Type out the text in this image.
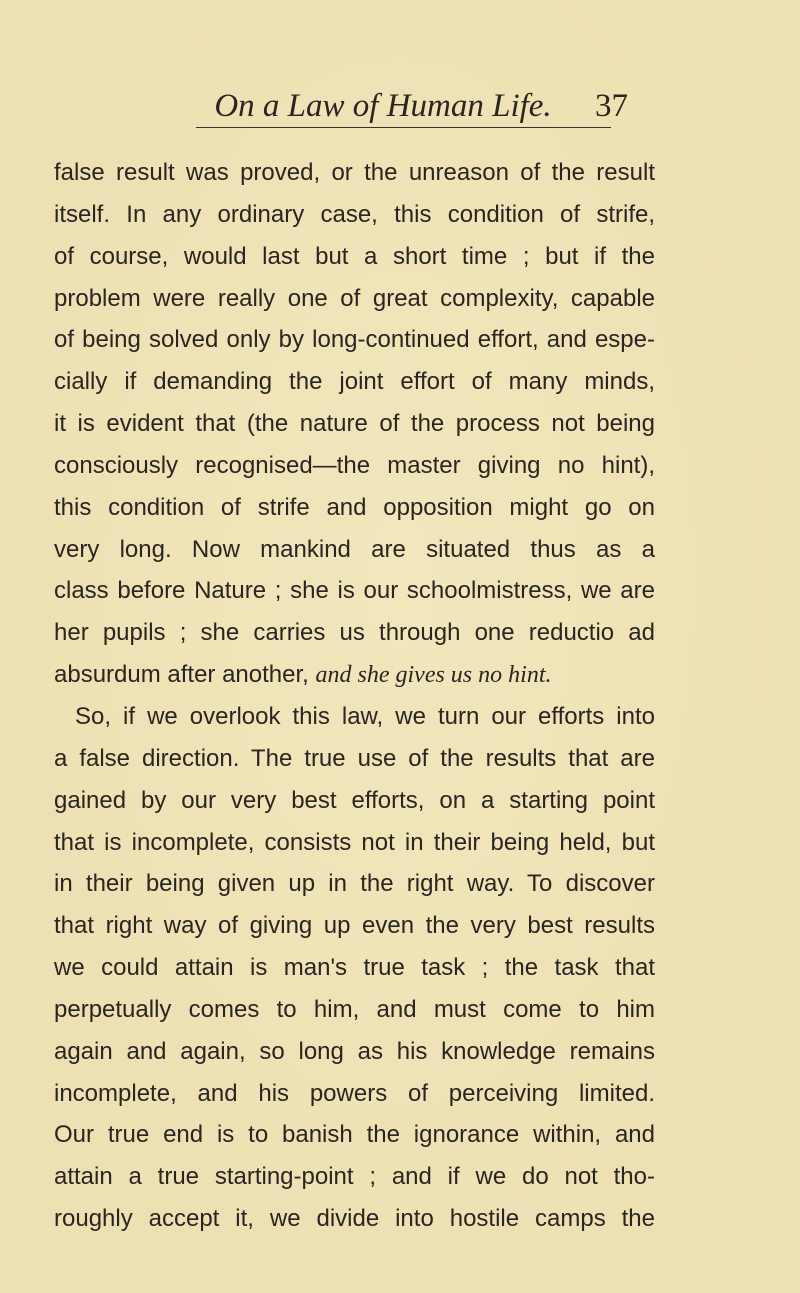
On a Law of Human Life.	37
false result was proved, or the unreason of the result
itself. In any ordinary case, this condition of strife,
of course, would last but a short time ; but if the
problem were really one of great complexity, capable
of being solved only by long-continued effort, and espe-
cially if demanding the joint effort of many minds,
it is evident that (the nature of the process not being
consciously recognised—the master giving no hint),
this condition of strife and opposition might go on
very long. Now mankind are situated thus as a
class before Nature ; she is our schoolmistress, we are
her pupils ; she carries us through one reductio ad
absurdum after another, and she gives us no hint.
So, if we overlook this law, we turn our efforts into
a false direction. The true use of the results that are
gained by our very best efforts, on a starting point
that is incomplete, consists not in their being held, but
in their being given up in the right way. To discover
that right way of giving up even the very best results
we could attain is man's true task ; the task that
perpetually comes to him, and must come to him
again and again, so long as his knowledge remains
incomplete, and his powers of perceiving limited.
Our true end is to banish the ignorance within, and
attain a true starting-point ; and if we do not tho-
roughly accept it, we divide into hostile camps the
